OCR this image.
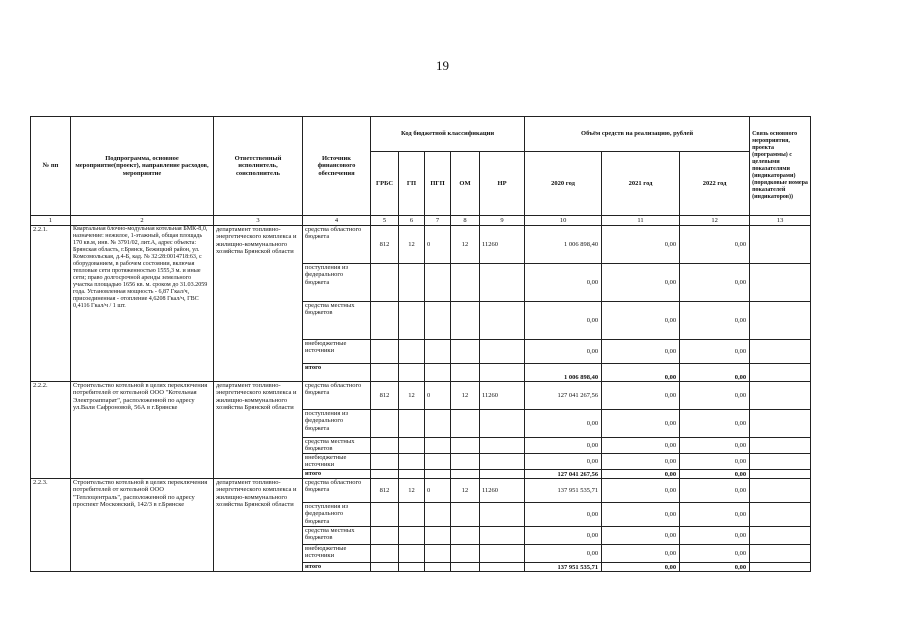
19
№ пп	Подпрограмма, основное мероприятие(проект), направление расходов, мероприятие	Ответственный исполнитель, соисполнитель	Источник финансового обеспечения	Код бюджетной классификации					Объём средств на реализацию, рублей			Связь основного мероприятия, проекта (программы) с целевыми показателями (индикаторами) (порядковые номера показателей (индикаторов))
				ГРБС	ГП	ПГП	ОМ	НР	2020 год	2021 год	2022 год	
1	2	3	4	5	6	7	8	9	10	11	12	13
2.2.1.	Квартальная блочно-модульная котельная БМК-8,0, назначение: нежилое, 1-этажный, общая площадь 170 кв.м, инв. № 3791/02, лит.А, адрес объекта: Брянская область, г.Брянск, Бежицкий район, ул. Комсомольская, д.4-Б, кад. № 32:28:0014718:63, с оборудованием, в рабочем состоянии, включая тепловые сети протяженностью 1555,3 м. и иные сети; право долгосрочной аренды земельного участка площадью 1656 кв. м. сроком до 31.03.2059 года. Установленная мощность - 6,87 Гкал/ч, присоединенная - отопление 4,6208 Гкал/ч, ГВС 0,4116 Гкал/ч / 1 шт.	департамент топливно-энергетического комплекса и жилищно-коммунального хозяйства Брянской области	средства областного бюджета	812	12	0	12	11260	1 006 898,40	0,00	0,00	
			поступления из федерального бюджета						0,00	0,00	0,00	
			средства местных бюджетов						0,00	0,00	0,00	
			внебюджетные источники						0,00	0,00	0,00	
			итого						1 006 898,40	0,00	0,00	
2.2.2.	Строительство котельной в целях переключения потребителей от котельной ООО "Котельная Электроаппарат", расположенной по адресу ул.Вали Сафроновой, 56А в г.Брянске	департамент топливно-энергетического комплекса и жилищно-коммунального хозяйства Брянской области	средства областного бюджета	812	12	0	12	11260	127 041 267,56	0,00	0,00	
			поступления из федерального бюджета						0,00	0,00	0,00	
			средства местных бюджетов						0,00	0,00	0,00	
			внебюджетные источники						0,00	0,00	0,00	
			итого						127 041 267,56	0,00	0,00	
2.2.3.	Строительство котельной в целях переключения потребителей от котельной ООО "Теплоцентраль", расположенной по адресу проспект Московский, 142/3 в г.Брянске	департамент топливно-энергетического комплекса и жилищно-коммунального хозяйства Брянской области	средства областного бюджета	812	12	0	12	11260	137 951 535,71	0,00	0,00	
			поступления из федерального бюджета						0,00	0,00	0,00	
			средства местных бюджетов						0,00	0,00	0,00	
			внебюджетные источники						0,00	0,00	0,00	
			итого						137 951 535,71	0,00	0,00	
